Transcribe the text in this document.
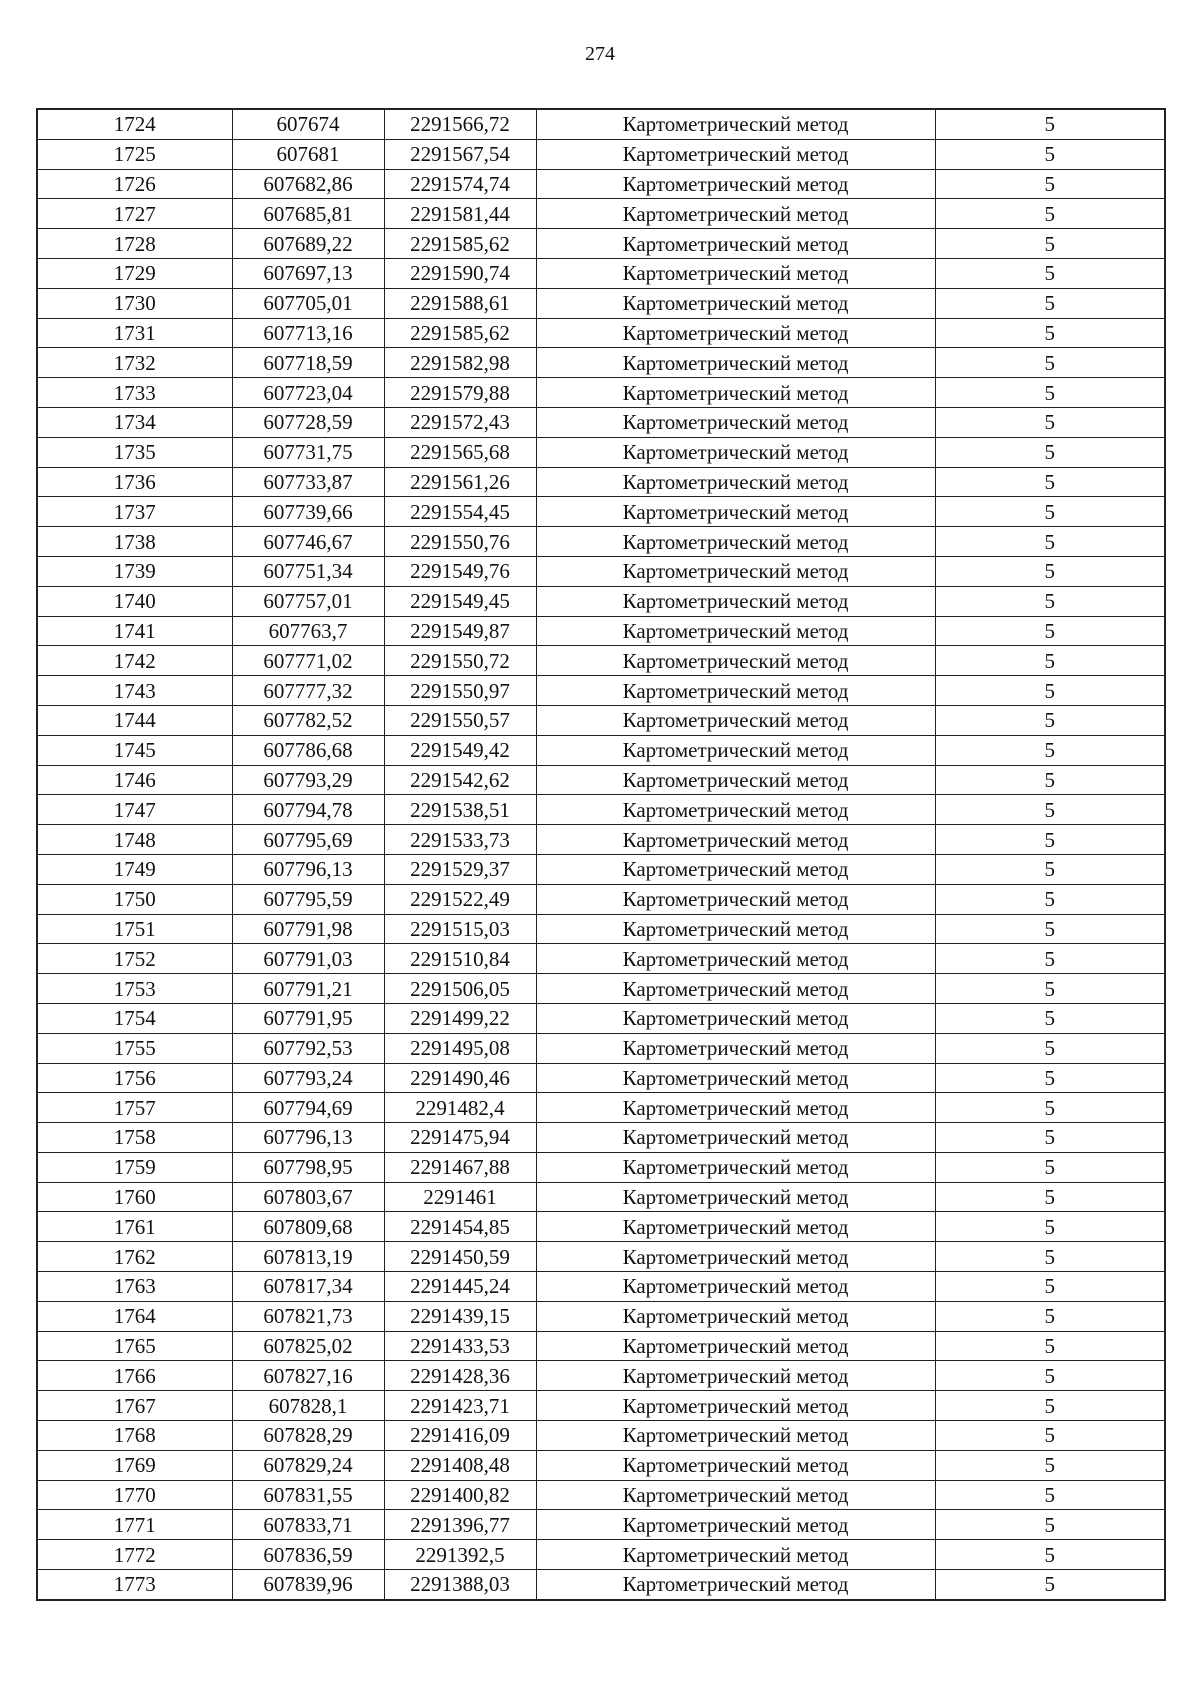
274
1724	607674	2291566,72	Картометрический метод	5
1725	607681	2291567,54	Картометрический метод	5
1726	607682,86	2291574,74	Картометрический метод	5
1727	607685,81	2291581,44	Картометрический метод	5
1728	607689,22	2291585,62	Картометрический метод	5
1729	607697,13	2291590,74	Картометрический метод	5
1730	607705,01	2291588,61	Картометрический метод	5
1731	607713,16	2291585,62	Картометрический метод	5
1732	607718,59	2291582,98	Картометрический метод	5
1733	607723,04	2291579,88	Картометрический метод	5
1734	607728,59	2291572,43	Картометрический метод	5
1735	607731,75	2291565,68	Картометрический метод	5
1736	607733,87	2291561,26	Картометрический метод	5
1737	607739,66	2291554,45	Картометрический метод	5
1738	607746,67	2291550,76	Картометрический метод	5
1739	607751,34	2291549,76	Картометрический метод	5
1740	607757,01	2291549,45	Картометрический метод	5
1741	607763,7	2291549,87	Картометрический метод	5
1742	607771,02	2291550,72	Картометрический метод	5
1743	607777,32	2291550,97	Картометрический метод	5
1744	607782,52	2291550,57	Картометрический метод	5
1745	607786,68	2291549,42	Картометрический метод	5
1746	607793,29	2291542,62	Картометрический метод	5
1747	607794,78	2291538,51	Картометрический метод	5
1748	607795,69	2291533,73	Картометрический метод	5
1749	607796,13	2291529,37	Картометрический метод	5
1750	607795,59	2291522,49	Картометрический метод	5
1751	607791,98	2291515,03	Картометрический метод	5
1752	607791,03	2291510,84	Картометрический метод	5
1753	607791,21	2291506,05	Картометрический метод	5
1754	607791,95	2291499,22	Картометрический метод	5
1755	607792,53	2291495,08	Картометрический метод	5
1756	607793,24	2291490,46	Картометрический метод	5
1757	607794,69	2291482,4	Картометрический метод	5
1758	607796,13	2291475,94	Картометрический метод	5
1759	607798,95	2291467,88	Картометрический метод	5
1760	607803,67	2291461	Картометрический метод	5
1761	607809,68	2291454,85	Картометрический метод	5
1762	607813,19	2291450,59	Картометрический метод	5
1763	607817,34	2291445,24	Картометрический метод	5
1764	607821,73	2291439,15	Картометрический метод	5
1765	607825,02	2291433,53	Картометрический метод	5
1766	607827,16	2291428,36	Картометрический метод	5
1767	607828,1	2291423,71	Картометрический метод	5
1768	607828,29	2291416,09	Картометрический метод	5
1769	607829,24	2291408,48	Картометрический метод	5
1770	607831,55	2291400,82	Картометрический метод	5
1771	607833,71	2291396,77	Картометрический метод	5
1772	607836,59	2291392,5	Картометрический метод	5
1773	607839,96	2291388,03	Картометрический метод	5
